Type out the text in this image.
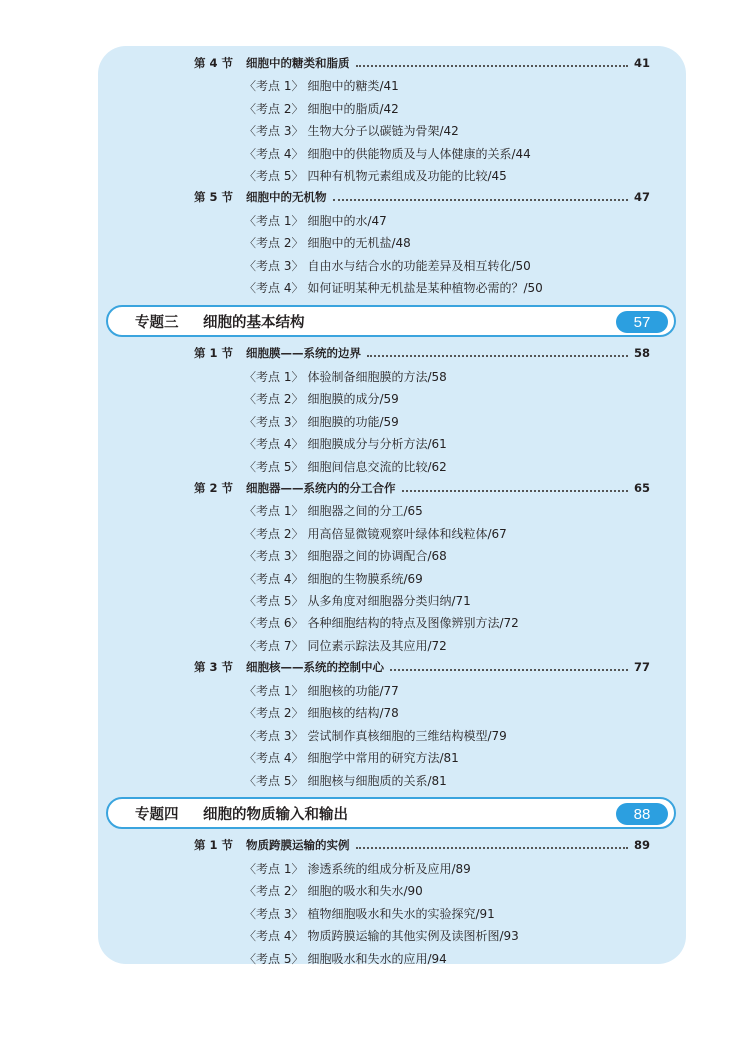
第 4 节	细胞中的糖类和脂质	41
〈考点 1〉 细胞中的糖类/41
〈考点 2〉 细胞中的脂质/42
〈考点 3〉 生物大分子以碳链为骨架/42
〈考点 4〉 细胞中的供能物质及与人体健康的关系/44
〈考点 5〉 四种有机物元素组成及功能的比较/45
第 5 节	细胞中的无机物	47
〈考点 1〉 细胞中的水/47
〈考点 2〉 细胞中的无机盐/48
〈考点 3〉 自由水与结合水的功能差异及相互转化/50
〈考点 4〉 如何证明某种无机盐是某种植物必需的？/50
专题三	细胞的基本结构	57
第 1 节	细胞膜——系统的边界	58
〈考点 1〉 体验制备细胞膜的方法/58
〈考点 2〉 细胞膜的成分/59
〈考点 3〉 细胞膜的功能/59
〈考点 4〉 细胞膜成分与分析方法/61
〈考点 5〉 细胞间信息交流的比较/62
第 2 节	细胞器——系统内的分工合作	65
〈考点 1〉 细胞器之间的分工/65
〈考点 2〉 用高倍显微镜观察叶绿体和线粒体/67
〈考点 3〉 细胞器之间的协调配合/68
〈考点 4〉 细胞的生物膜系统/69
〈考点 5〉 从多角度对细胞器分类归纳/71
〈考点 6〉 各种细胞结构的特点及图像辨别方法/72
〈考点 7〉 同位素示踪法及其应用/72
第 3 节	细胞核——系统的控制中心	77
〈考点 1〉 细胞核的功能/77
〈考点 2〉 细胞核的结构/78
〈考点 3〉 尝试制作真核细胞的三维结构模型/79
〈考点 4〉 细胞学中常用的研究方法/81
〈考点 5〉 细胞核与细胞质的关系/81
专题四	细胞的物质输入和输出	88
第 1 节	物质跨膜运输的实例	89
〈考点 1〉 渗透系统的组成分析及应用/89
〈考点 2〉 细胞的吸水和失水/90
〈考点 3〉 植物细胞吸水和失水的实验探究/91
〈考点 4〉 物质跨膜运输的其他实例及读图析图/93
〈考点 5〉 细胞吸水和失水的应用/94
